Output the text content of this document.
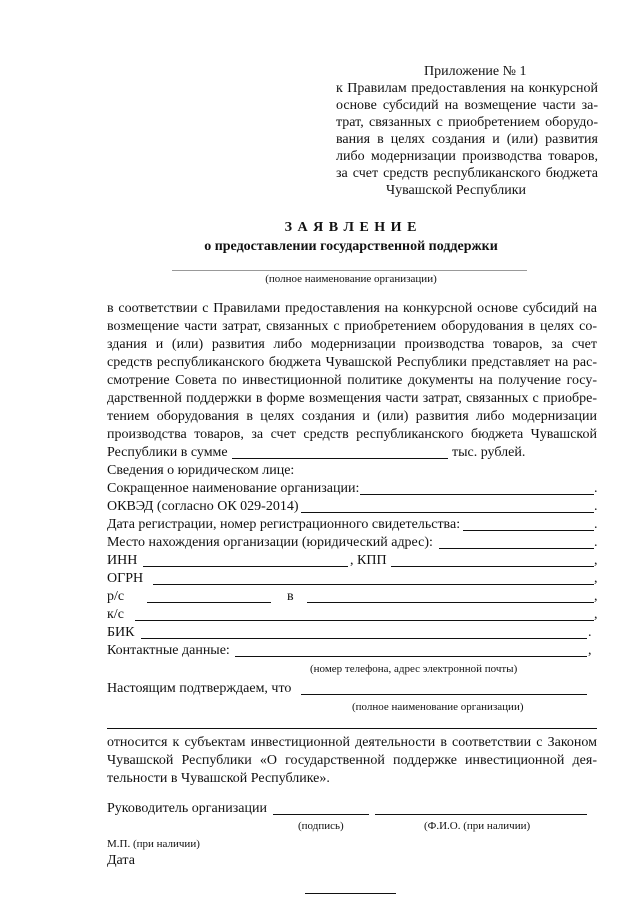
Приложение № 1
к Правилам предоставления на конкурсной
основе субсидий на возмещение части за-
трат, связанных с приобретением оборудо-
вания в целях создания и (или) развития
либо модернизации производства товаров,
за счет средств республиканского бюджета
Чувашской Республики
З А Я В Л Е Н И Е
о предоставлении государственной поддержки
(полное наименование организации)
в соответствии с Правилами предоставления на конкурсной основе субсидий на
возмещение части затрат, связанных с приобретением оборудования в целях со-
здания и (или) развития либо модернизации производства товаров, за счет
средств республиканского бюджета Чувашской Республики представляет на рас-
смотрение Совета по инвестиционной политике документы на получение госу-
дарственной поддержки в форме возмещения части затрат, связанных с приобре-
тением оборудования в целях создания и (или) развития либо модернизации
производства товаров, за счет средств республиканского бюджета Чувашской
Республики в сумме	тыс. рублей.
Сведения о юридическом лице:
Сокращенное наименование организации:	.
ОКВЭД (согласно ОК 029-2014)	.
Дата регистрации, номер регистрационного свидетельства:	.
Место нахождения организации (юридический адрес):	.
ИНН	, КПП	,
ОГРН	,
р/с	в	,
к/с	,
БИК	.
Контактные данные:	,
(номер телефона, адрес электронной почты)
Настоящим подтверждаем, что
(полное наименование организации)
относится к субъектам инвестиционной деятельности в соответствии с Законом
Чувашской Республики «О государственной поддержке инвестиционной дея-
тельности в Чувашской Республике».
Руководитель организации
(подпись)	(Ф.И.О. (при наличии)
М.П. (при наличии)
Дата
